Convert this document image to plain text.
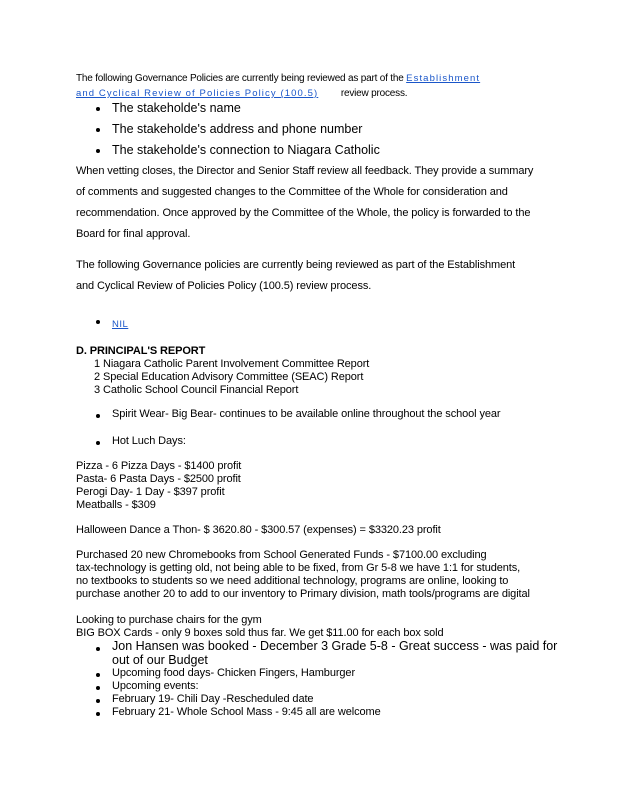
The following Governance Policies are currently being reviewed as part of the Establishment
and Cyclical Review of Policies Policy (100.5) review process.
The stakeholde's name
The stakeholde's address and phone number
The stakeholde's connection to Niagara Catholic
When vetting closes, the Director and Senior Staff review all feedback. They provide a summary
of comments and suggested changes to the Committee of the Whole for consideration and
recommendation. Once approved by the Committee of the Whole, the policy is forwarded to the
Board for final approval.
The following Governance policies are currently being reviewed as part of the Establishment
and Cyclical Review of Policies Policy (100.5) review process.
NIL
D. PRINCIPAL'S REPORT
1 Niagara Catholic Parent Involvement Committee Report
2 Special Education Advisory Committee (SEAC) Report
3 Catholic School Council Financial Report
Spirit Wear- Big Bear- continues to be available online throughout the school year
Hot Luch Days:
Pizza - 6 Pizza Days - $1400 profit
Pasta- 6 Pasta Days - $2500 profit
Perogi Day- 1 Day - $397 profit
Meatballs - $309
Halloween Dance a Thon- $ 3620.80 - $300.57 (expenses) = $3320.23 profit
Purchased 20 new Chromebooks from School Generated Funds - $7100.00 excluding
tax-technology is getting old, not being able to be fixed, from Gr 5-8 we have 1:1 for students,
no textbooks to students so we need additional technology, programs are online, looking to
purchase another 20 to add to our inventory to Primary division, math tools/programs are digital
Looking to purchase chairs for the gym
BIG BOX Cards - only 9 boxes sold thus far. We get $11.00 for each box sold
Jon Hansen was booked - December 3 Grade 5-8 - Great success - was paid for
out of our Budget
Upcoming food days- Chicken Fingers, Hamburger
Upcoming events:
February 19- Chili Day -Rescheduled date
February 21- Whole School Mass - 9:45 all are welcome
